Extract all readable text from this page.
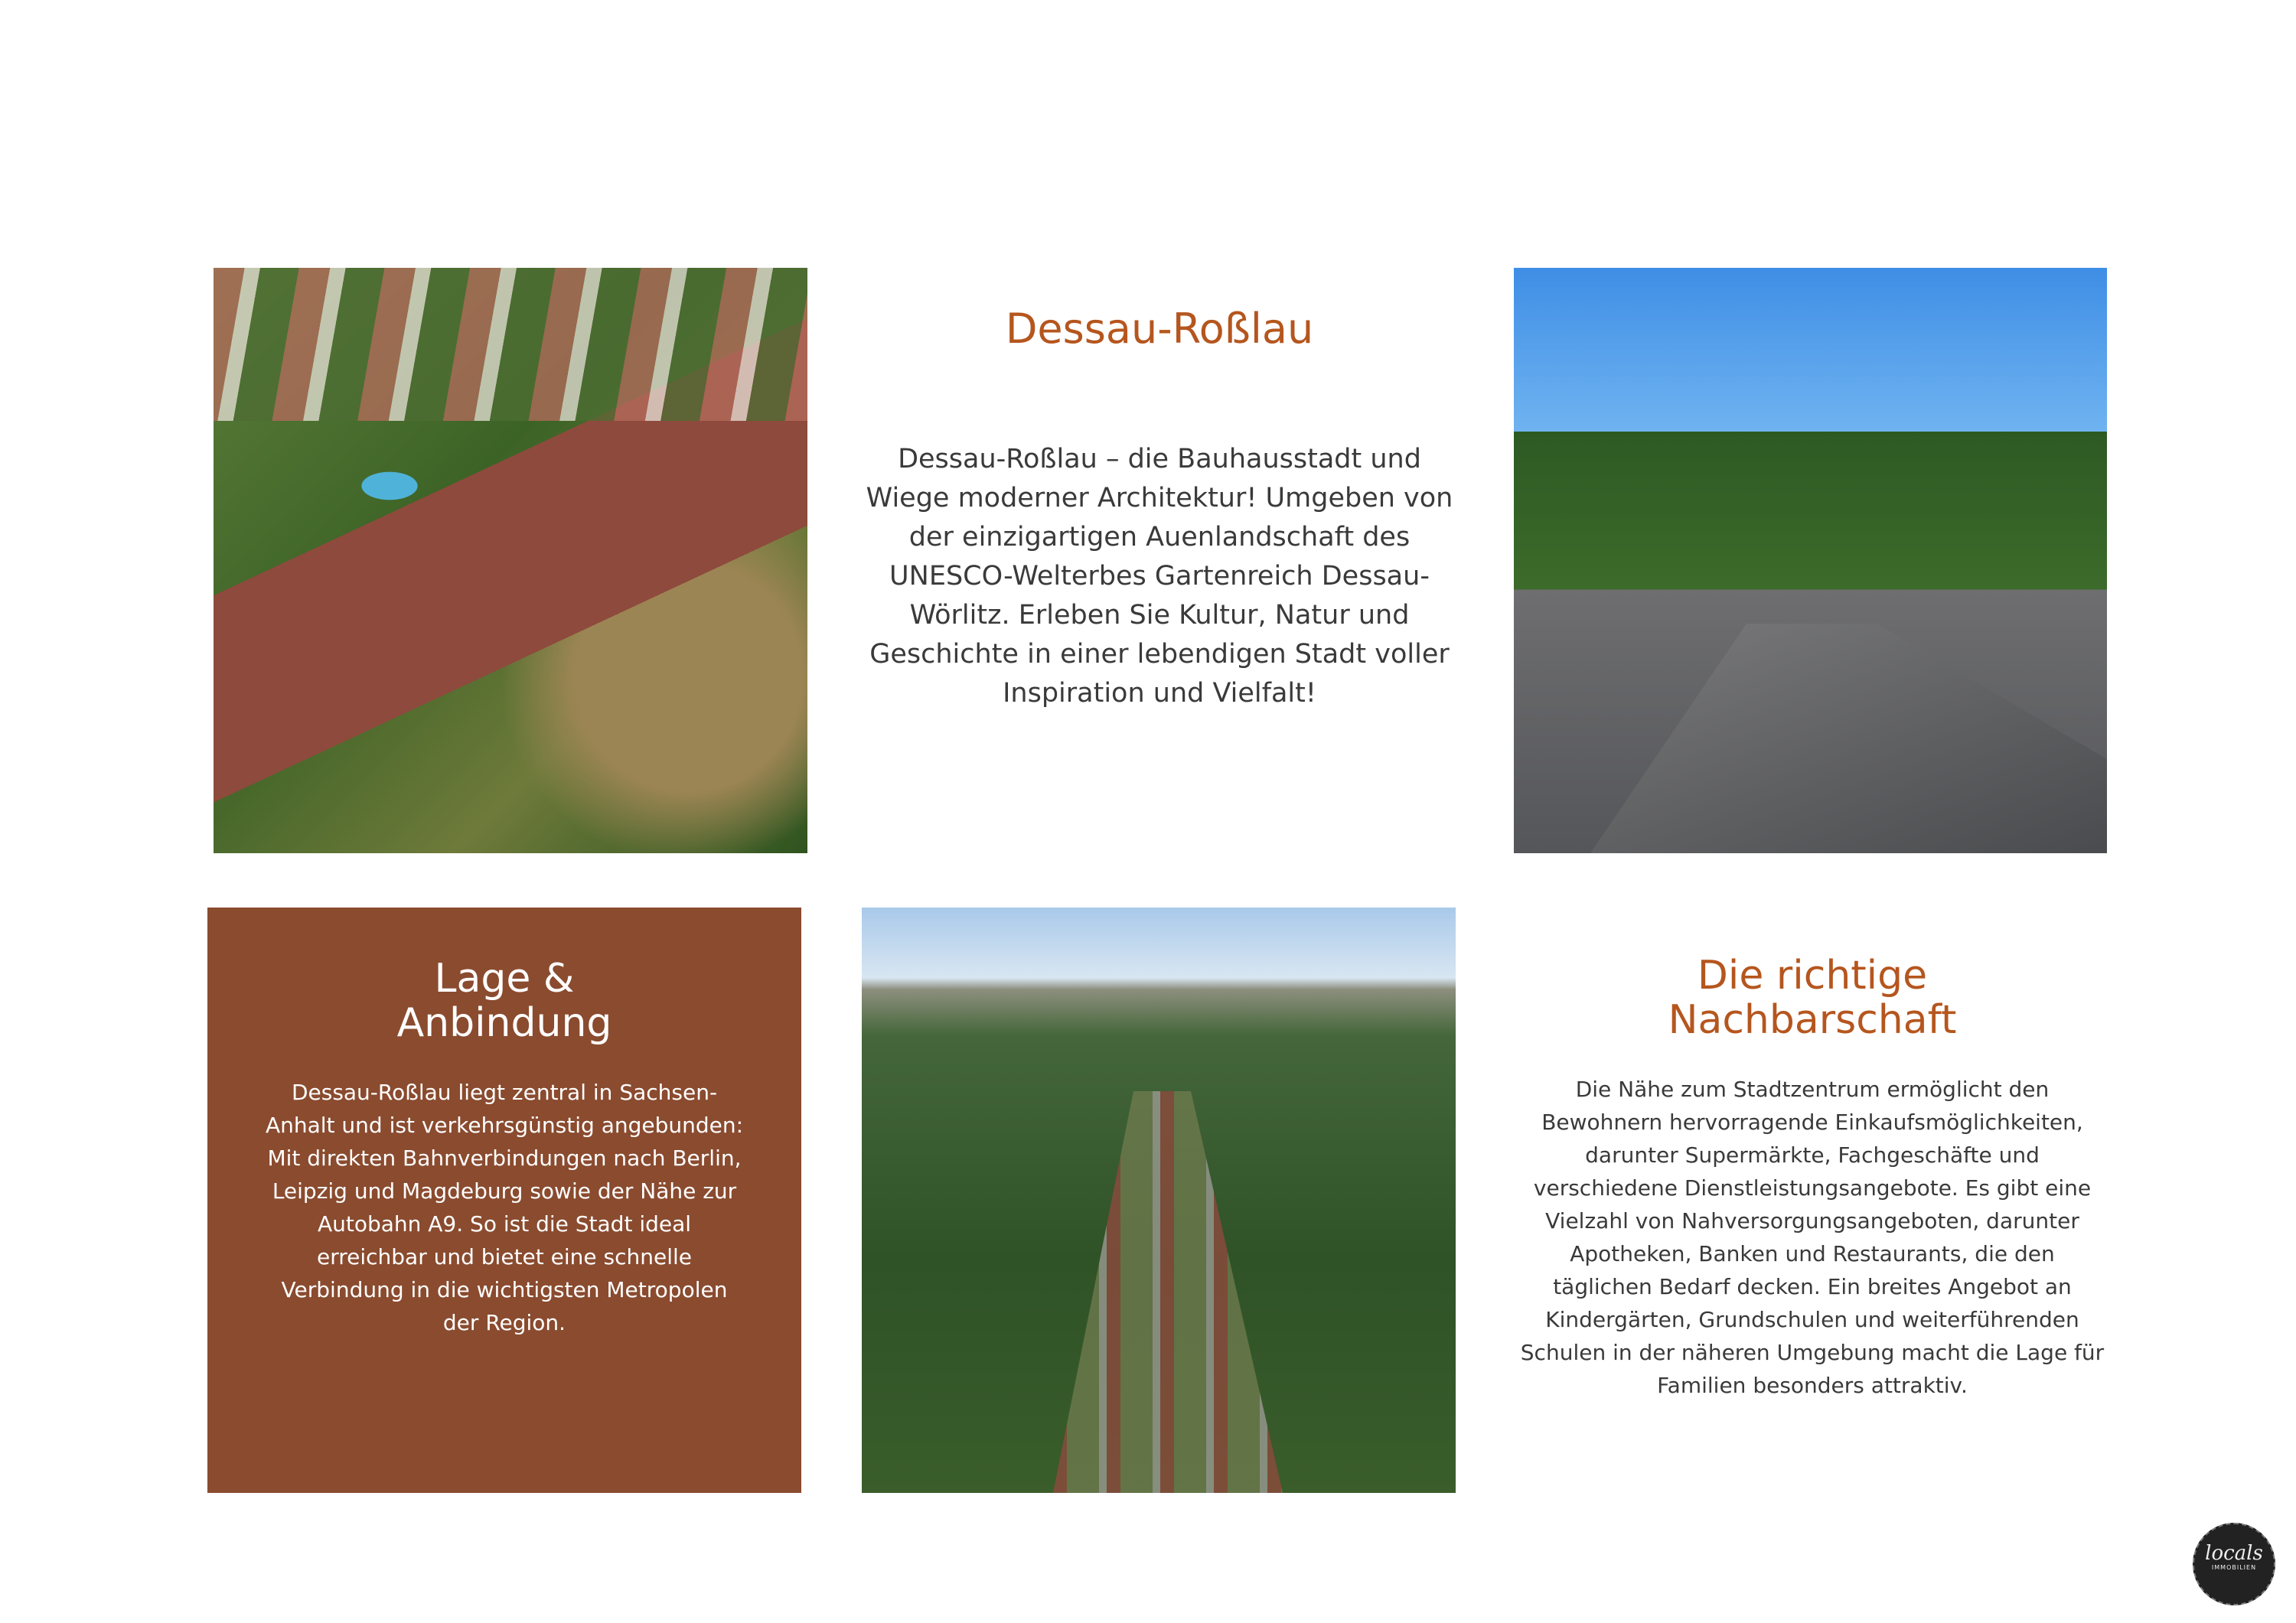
Dessau-Roßlau

Dessau-Roßlau – die Bauhausstadt und Wiege moderner Architektur! Umgeben von der einzigartigen Auenlandschaft des UNESCO-Welterbes Gartenreich Dessau-Wörlitz. Erleben Sie Kultur, Natur und Geschichte in einer lebendigen Stadt voller Inspiration und Vielfalt!

Lage &
Anbindung

Dessau-Roßlau liegt zentral in Sachsen-Anhalt und ist verkehrsgünstig angebunden: Mit direkten Bahnverbindungen nach Berlin, Leipzig und Magdeburg sowie der Nähe zur Autobahn A9. So ist die Stadt ideal erreichbar und bietet eine schnelle Verbindung in die wichtigsten Metropolen der Region.

Die richtige
Nachbarschaft

Die Nähe zum Stadtzentrum ermöglicht den Bewohnern hervorragende Einkaufsmöglichkeiten, darunter Supermärkte, Fachgeschäfte und verschiedene Dienstleistungsangebote. Es gibt eine Vielzahl von Nahversorgungsangeboten, darunter Apotheken, Banken und Restaurants, die den täglichen Bedarf decken. Ein breites Angebot an Kindergärten, Grundschulen und weiterführenden Schulen in der näheren Umgebung macht die Lage für Familien besonders attraktiv.

locals
IMMOBILIEN
